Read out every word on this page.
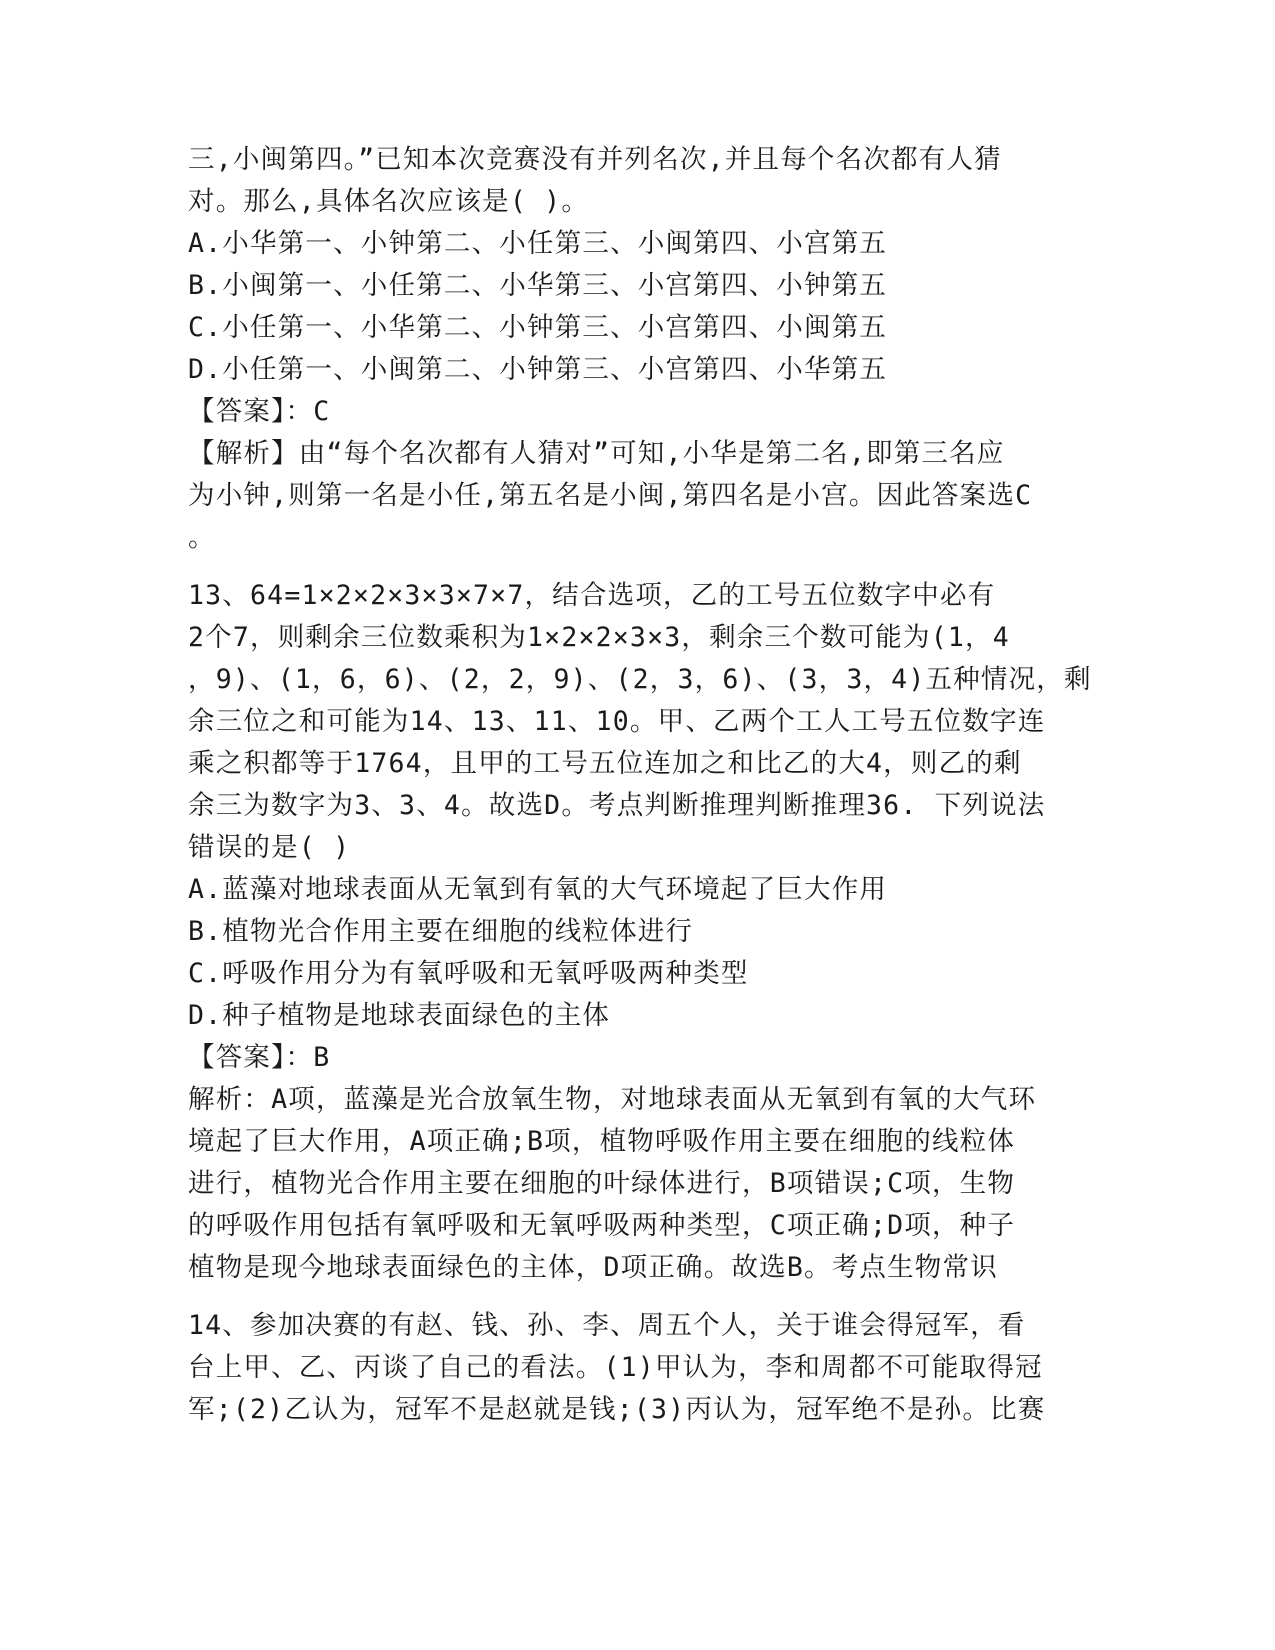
三,小闽第四。”已知本次竞赛没有并列名次,并且每个名次都有人猜
对。那么,具体名次应该是( )。
A.小华第一、小钟第二、小任第三、小闽第四、小宫第五
B.小闽第一、小任第二、小华第三、小宫第四、小钟第五
C.小任第一、小华第二、小钟第三、小宫第四、小闽第五
D.小任第一、小闽第二、小钟第三、小宫第四、小华第五
【答案】：C
【解析】由“每个名次都有人猜对”可知,小华是第二名,即第三名应
为小钟,则第一名是小任,第五名是小闽,第四名是小宫。因此答案选C
。
13、64=1×2×2×3×3×7×7，结合选项，乙的工号五位数字中必有
2个7，则剩余三位数乘积为1×2×2×3×3，剩余三个数可能为(1，4
，9)、(1，6，6)、(2，2，9)、(2，3，6)、(3，3，4)五种情况，剩
余三位之和可能为14、13、11、10。甲、乙两个工人工号五位数字连
乘之积都等于1764，且甲的工号五位连加之和比乙的大4，则乙的剩
余三为数字为3、3、4。故选D。考点判断推理判断推理36. 下列说法
错误的是( )
A.蓝藻对地球表面从无氧到有氧的大气环境起了巨大作用
B.植物光合作用主要在细胞的线粒体进行
C.呼吸作用分为有氧呼吸和无氧呼吸两种类型
D.种子植物是地球表面绿色的主体
【答案】：B
解析：A项，蓝藻是光合放氧生物，对地球表面从无氧到有氧的大气环
境起了巨大作用，A项正确;B项，植物呼吸作用主要在细胞的线粒体
进行，植物光合作用主要在细胞的叶绿体进行，B项错误;C项，生物
的呼吸作用包括有氧呼吸和无氧呼吸两种类型，C项正确;D项，种子
植物是现今地球表面绿色的主体，D项正确。故选B。考点生物常识
14、参加决赛的有赵、钱、孙、李、周五个人，关于谁会得冠军，看
台上甲、乙、丙谈了自己的看法。(1)甲认为，李和周都不可能取得冠
军;(2)乙认为，冠军不是赵就是钱;(3)丙认为，冠军绝不是孙。比赛
